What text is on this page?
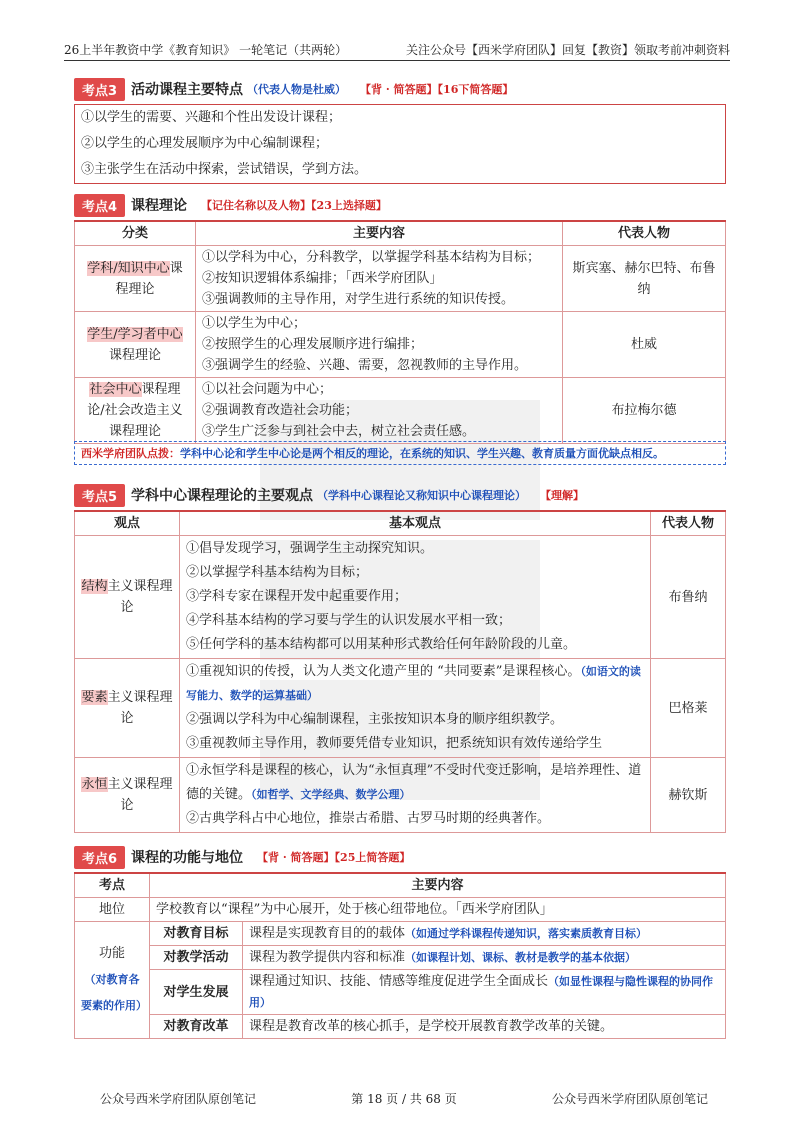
26上半年教资中学《教育知识》 一轮笔记（共两轮）	关注公众号【西米学府团队】回复【教资】领取考前冲刺资料
考点3	活动课程主要特点 （代表人物是杜威） 【背 · 简答题】【16下简答题】
①以学生的需要、兴趣和个性出发设计课程；
②以学生的心理发展顺序为中心编制课程；
③主张学生在活动中探索，尝试错误，学到方法。
考点4	课程理论 【记住名称以及人物】【23上选择题】
分类	主要内容	代表人物
学科/知识中心课程理论	①以学科为中心，分科教学，以掌握学科基本结构为目标；
②按知识逻辑体系编排；「西米学府团队」
③强调教师的主导作用，对学生进行系统的知识传授。	斯宾塞、赫尔巴特、布鲁纳
学生/学习者中心课程理论	①以学生为中心；
②按照学生的心理发展顺序进行编排；
③强调学生的经验、兴趣、需要，忽视教师的主导作用。	杜威
社会中心课程理论/社会改造主义课程理论	①以社会问题为中心；
②强调教育改造社会功能；
③学生广泛参与到社会中去，树立社会责任感。	布拉梅尔德
西米学府团队点拨：学科中心论和学生中心论是两个相反的理论，在系统的知识、学生兴趣、教育质量方面优缺点相反。
考点5	学科中心课程理论的主要观点 （学科中心课程论又称知识中心课程理论） 【理解】
观点	基本观点	代表人物
结构主义课程理论	①倡导发现学习，强调学生主动探究知识。
②以掌握学科基本结构为目标；
③学科专家在课程开发中起重要作用；
④学科基本结构的学习要与学生的认识发展水平相一致；
⑤任何学科的基本结构都可以用某种形式教给任何年龄阶段的儿童。	布鲁纳
要素主义课程理论	①重视知识的传授，认为人类文化遗产里的 “共同要素”是课程核心。（如语文的读写能力、数学的运算基础）
②强调以学科为中心编制课程，主张按知识本身的顺序组织教学。
③重视教师主导作用，教师要凭借专业知识，把系统知识有效传递给学生	巴格莱
永恒主义课程理论	①永恒学科是课程的核心，认为“永恒真理”不受时代变迁影响，是培养理性、道德的关键。（如哲学、文学经典、数学公理）
②古典学科占中心地位，推崇古希腊、古罗马时期的经典著作。	赫钦斯
考点6	课程的功能与地位 【背 · 简答题】【25上简答题】
考点	主要内容	
地位	学校教育以“课程”为中心展开，处于核心纽带地位。「西米学府团队」	

功能
（对教育各要素的作用）	对教育目标	课程是实现教育目的的载体（如通过学科课程传递知识，落实素质教育目标）
	对教学活动	课程为教学提供内容和标准（如课程计划、课标、教材是教学的基本依据）
	对学生发展	课程通过知识、技能、情感等维度促进学生全面成长（如显性课程与隐性课程的协同作用）
	对教育改革	课程是教育改革的核心抓手，是学校开展教育教学改革的关键。
公众号西米学府团队原创笔记	第 18 页 / 共 68 页	公众号西米学府团队原创笔记
